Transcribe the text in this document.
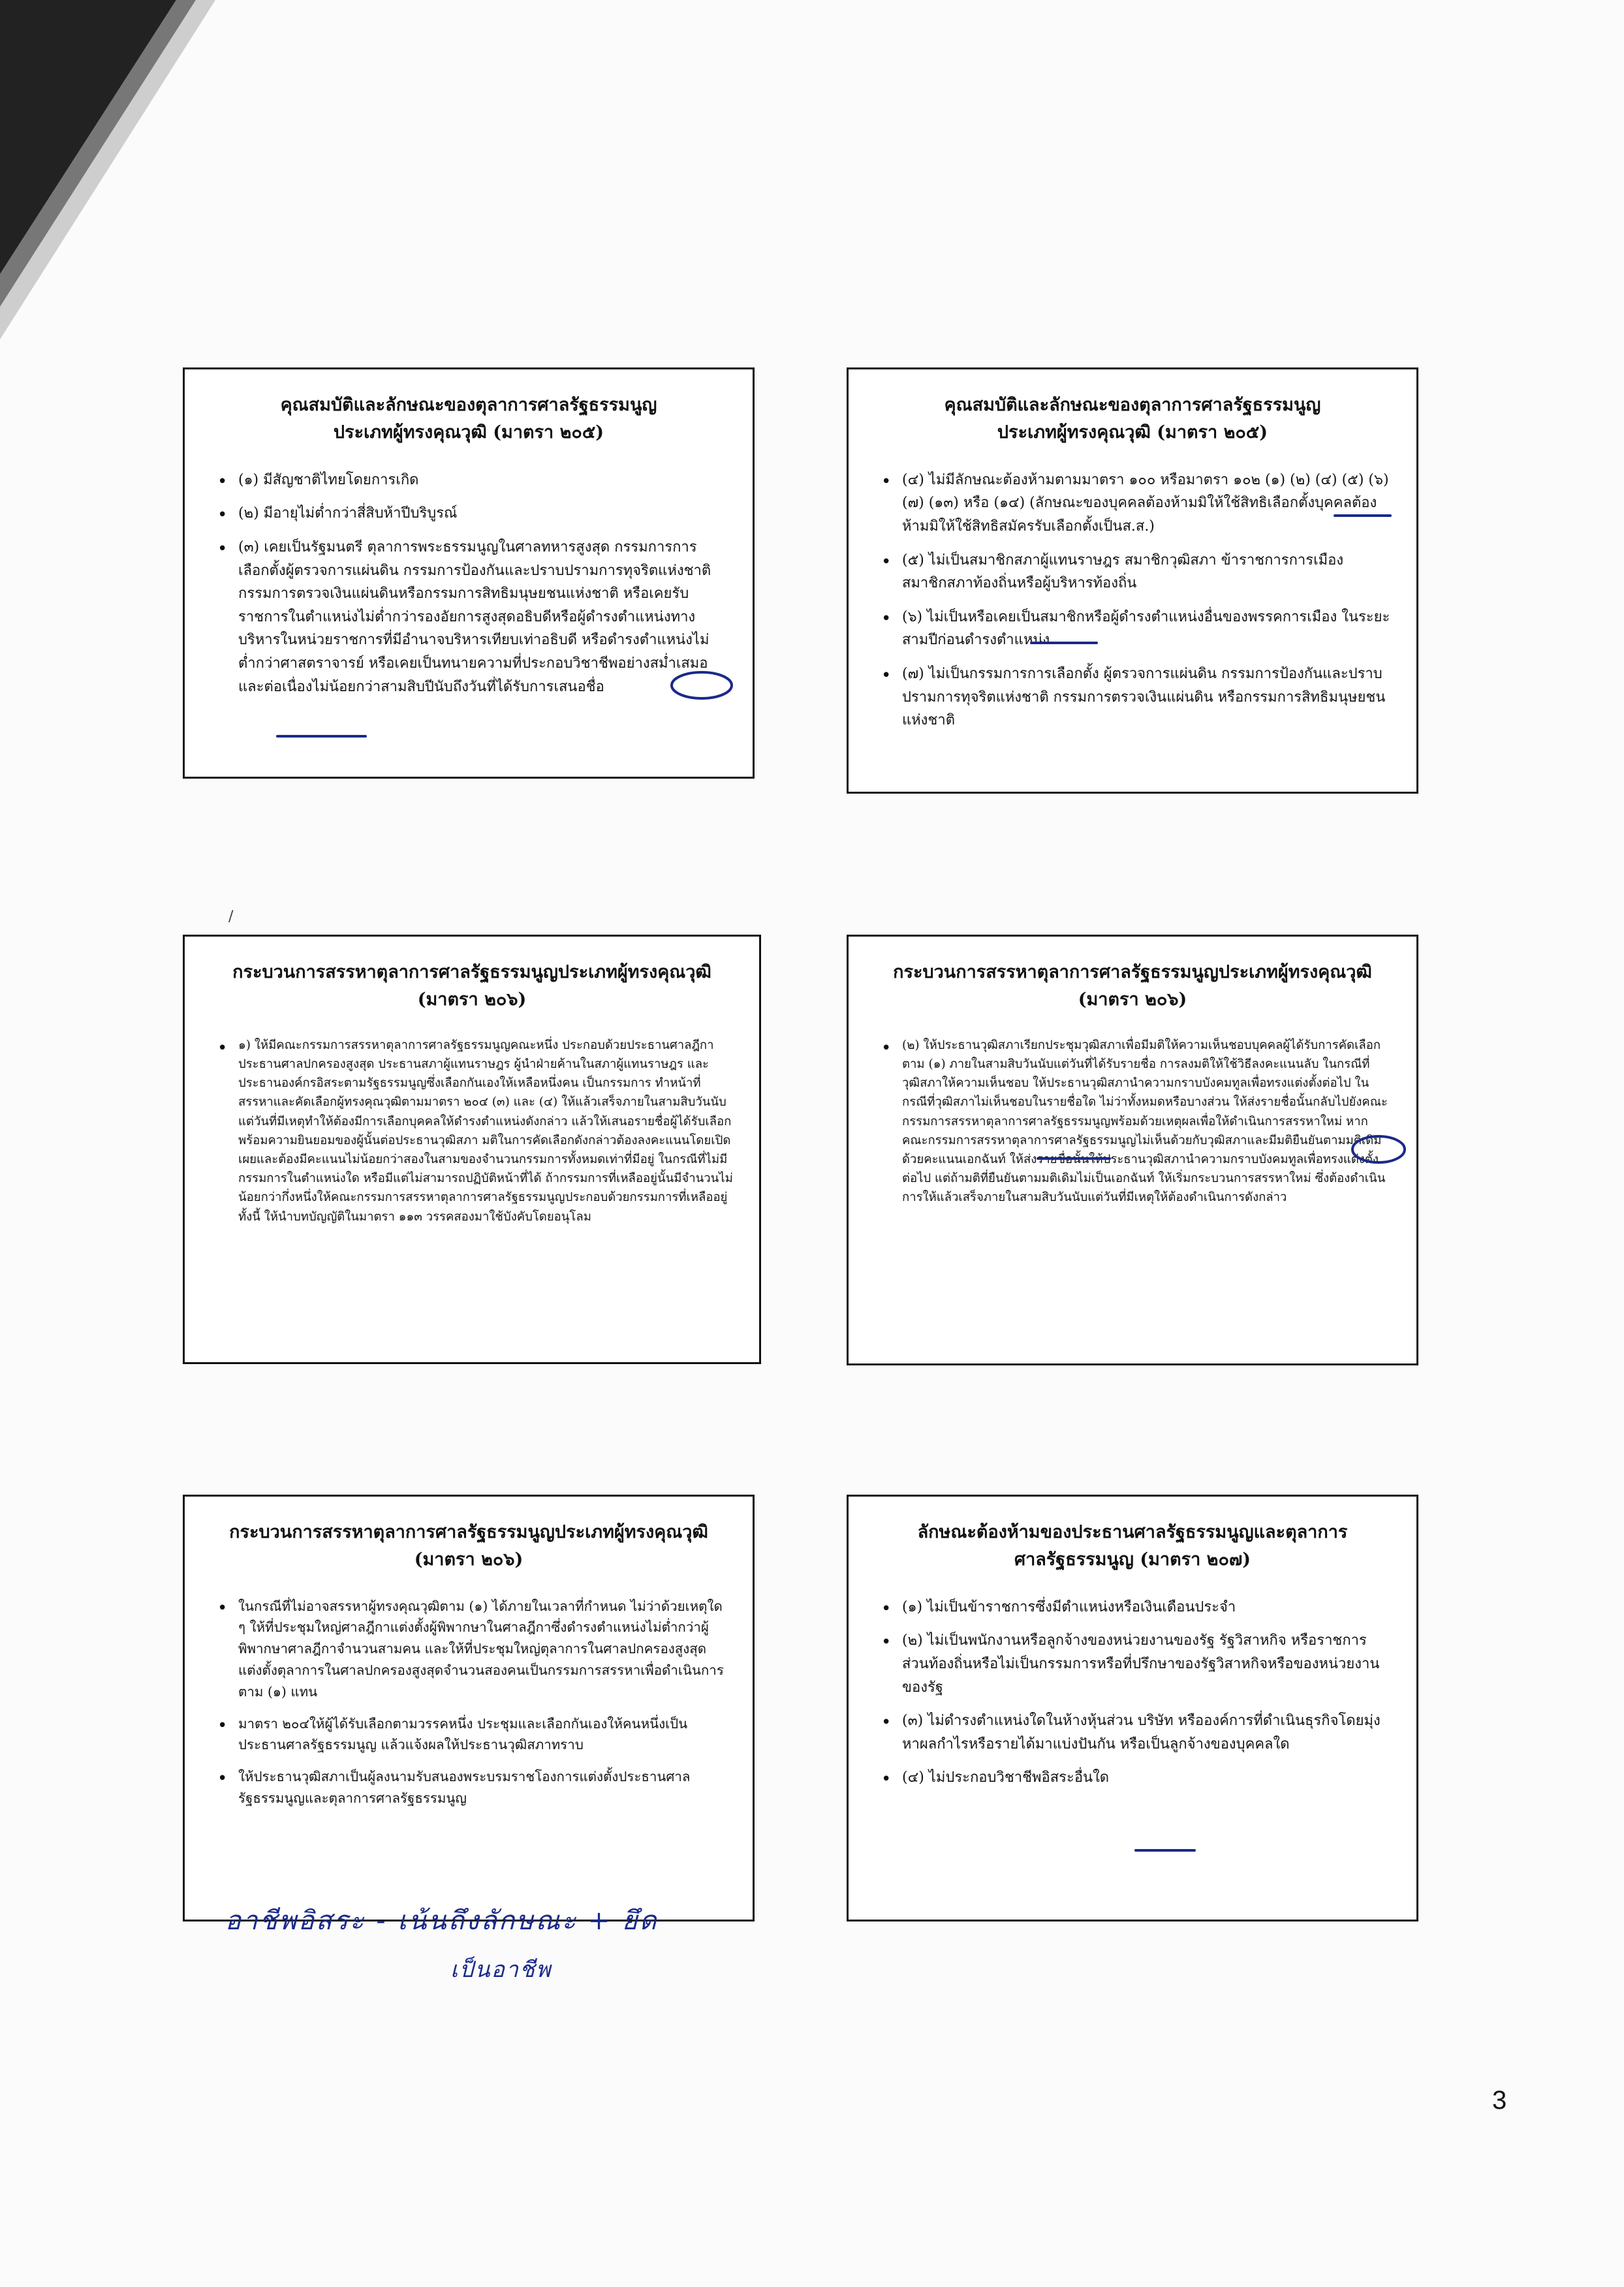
คุณสมบัติและลักษณะของตุลาการศาลรัฐธรรมนูญ
ประเภทผู้ทรงคุณวุฒิ (มาตรา ๒๐๕)
• (๑) มีสัญชาติไทยโดยการเกิด
• (๒) มีอายุไม่ต่ำกว่าสี่สิบห้าปีบริบูรณ์
• (๓) เคยเป็นรัฐมนตรี ตุลาการพระธรรมนูญในศาลทหารสูงสุด กรรมการการเลือกตั้งผู้ตรวจการแผ่นดิน กรรมการป้องกันและปราบปรามการทุจริตแห่งชาติ กรรมการตรวจเงินแผ่นดินหรือกรรมการสิทธิมนุษยชนแห่งชาติ หรือเคยรับราชการในตำแหน่งไม่ต่ำกว่ารองอัยการสูงสุดอธิบดีหรือผู้ดำรงตำแหน่งทางบริหารในหน่วยราชการที่มีอำนาจบริหารเทียบเท่าอธิบดี หรือดำรงตำแหน่งไม่ต่ำกว่าศาสตราจารย์ หรือเคยเป็นทนายความที่ประกอบวิชาชีพอย่างสม่ำเสมอและต่อเนื่องไม่น้อยกว่าสามสิบปีนับถึงวันที่ได้รับการเสนอชื่อ
คุณสมบัติและลักษณะของตุลาการศาลรัฐธรรมนูญ
ประเภทผู้ทรงคุณวุฒิ (มาตรา ๒๐๕)
• (๔) ไม่มีลักษณะต้องห้ามตามมาตรา ๑๐๐ หรือมาตรา ๑๐๒ (๑) (๒) (๔) (๕) (๖) (๗) (๑๓) หรือ (๑๔) (ลักษณะของบุคคลต้องห้ามมิให้ใช้สิทธิเลือกตั้งบุคคลต้องห้ามมิให้ใช้สิทธิสมัครรับเลือกตั้งเป็นส.ส.)
• (๕) ไม่เป็นสมาชิกสภาผู้แทนราษฎร สมาชิกวุฒิสภา ข้าราชการการเมือง สมาชิกสภาท้องถิ่นหรือผู้บริหารท้องถิ่น
• (๖) ไม่เป็นหรือเคยเป็นสมาชิกหรือผู้ดำรงตำแหน่งอื่นของพรรคการเมือง ในระยะสามปีก่อนดำรงตำแหน่ง
• (๗) ไม่เป็นกรรมการการเลือกตั้ง ผู้ตรวจการแผ่นดิน กรรมการป้องกันและปราบปรามการทุจริตแห่งชาติ กรรมการตรวจเงินแผ่นดิน หรือกรรมการสิทธิมนุษยชนแห่งชาติ
กระบวนการสรรหาตุลาการศาลรัฐธรรมนูญประเภทผู้ทรงคุณวุฒิ
(มาตรา ๒๐๖)
• ๑) ให้มีคณะกรรมการสรรหาตุลาการศาลรัฐธรรมนูญคณะหนึ่ง ประกอบด้วยประธานศาลฎีกา ประธานศาลปกครองสูงสุด ประธานสภาผู้แทนราษฎร ผู้นำฝ่ายค้านในสภาผู้แทนราษฎร และประธานองค์กรอิสระตามรัฐธรรมนูญซึ่งเลือกกันเองให้เหลือหนึ่งคน เป็นกรรมการ ทำหน้าที่สรรหาและคัดเลือกผู้ทรงคุณวุฒิตามมาตรา ๒๐๔ (๓) และ (๔) ให้แล้วเสร็จภายในสามสิบวันนับแต่วันที่มีเหตุทำให้ต้องมีการเลือกบุคคลให้ดำรงตำแหน่งดังกล่าว แล้วให้เสนอรายชื่อผู้ได้รับเลือกพร้อมความยินยอมของผู้นั้นต่อประธานวุฒิสภา มติในการคัดเลือกดังกล่าวต้องลงคะแนนโดยเปิดเผยและต้องมีคะแนนไม่น้อยกว่าสองในสามของจำนวนกรรมการทั้งหมดเท่าที่มีอยู่ ในกรณีที่ไม่มีกรรมการในตำแหน่งใด หรือมีแต่ไม่สามารถปฏิบัติหน้าที่ได้ ถ้ากรรมการที่เหลืออยู่นั้นมีจำนวนไม่น้อยกว่ากึ่งหนึ่งให้คณะกรรมการสรรหาตุลาการศาลรัฐธรรมนูญประกอบด้วยกรรมการที่เหลืออยู่ ทั้งนี้ ให้นำบทบัญญัติในมาตรา ๑๑๓ วรรคสองมาใช้บังคับโดยอนุโลม
กระบวนการสรรหาตุลาการศาลรัฐธรรมนูญประเภทผู้ทรงคุณวุฒิ
(มาตรา ๒๐๖)
• (๒) ให้ประธานวุฒิสภาเรียกประชุมวุฒิสภาเพื่อมีมติให้ความเห็นชอบบุคคลผู้ได้รับการคัดเลือกตาม (๑) ภายในสามสิบวันนับแต่วันที่ได้รับรายชื่อ การลงมติให้ใช้วิธีลงคะแนนลับ ในกรณีที่วุฒิสภาให้ความเห็นชอบ ให้ประธานวุฒิสภานำความกราบบังคมทูลเพื่อทรงแต่งตั้งต่อไป ในกรณีที่วุฒิสภาไม่เห็นชอบในรายชื่อใด ไม่ว่าทั้งหมดหรือบางส่วน ให้ส่งรายชื่อนั้นกลับไปยังคณะกรรมการสรรหาตุลาการศาลรัฐธรรมนูญพร้อมด้วยเหตุผลเพื่อให้ดำเนินการสรรหาใหม่ หากคณะกรรมการสรรหาตุลาการศาลรัฐธรรมนูญไม่เห็นด้วยกับวุฒิสภาและมีมติยืนยันตามมติเดิมด้วยคะแนนเอกฉันท์ ให้ส่งรายชื่อนั้นให้ประธานวุฒิสภานำความกราบบังคมทูลเพื่อทรงแต่งตั้งต่อไป แต่ถ้ามติที่ยืนยันตามมติเดิมไม่เป็นเอกฉันท์ ให้เริ่มกระบวนการสรรหาใหม่ ซึ่งต้องดำเนินการให้แล้วเสร็จภายในสามสิบวันนับแต่วันที่มีเหตุให้ต้องดำเนินการดังกล่าว
กระบวนการสรรหาตุลาการศาลรัฐธรรมนูญประเภทผู้ทรงคุณวุฒิ
(มาตรา ๒๐๖)
• ในกรณีที่ไม่อาจสรรหาผู้ทรงคุณวุฒิตาม (๑) ได้ภายในเวลาที่กำหนด ไม่ว่าด้วยเหตุใด ๆ ให้ที่ประชุมใหญ่ศาลฎีกาแต่งตั้งผู้พิพากษาในศาลฎีกาซึ่งดำรงตำแหน่งไม่ต่ำกว่าผู้พิพากษาศาลฎีกาจำนวนสามคน และให้ที่ประชุมใหญ่ตุลาการในศาลปกครองสูงสุดแต่งตั้งตุลาการในศาลปกครองสูงสุดจำนวนสองคนเป็นกรรมการสรรหาเพื่อดำเนินการตาม (๑) แทน
• มาตรา ๒๐๔ให้ผู้ได้รับเลือกตามวรรคหนึ่ง ประชุมและเลือกกันเองให้คนหนึ่งเป็นประธานศาลรัฐธรรมนูญ แล้วแจ้งผลให้ประธานวุฒิสภาทราบ
• ให้ประธานวุฒิสภาเป็นผู้ลงนามรับสนองพระบรมราชโองการแต่งตั้งประธานศาลรัฐธรรมนูญและตุลาการศาลรัฐธรรมนูญ
ลักษณะต้องห้ามของประธานศาลรัฐธรรมนูญและตุลาการ
ศาลรัฐธรรมนูญ (มาตรา ๒๐๗)
• (๑) ไม่เป็นข้าราชการซึ่งมีตำแหน่งหรือเงินเดือนประจำ
• (๒) ไม่เป็นพนักงานหรือลูกจ้างของหน่วยงานของรัฐ รัฐวิสาหกิจ หรือราชการส่วนท้องถิ่นหรือไม่เป็นกรรมการหรือที่ปรึกษาของรัฐวิสาหกิจหรือของหน่วยงานของรัฐ
• (๓) ไม่ดำรงตำแหน่งใดในห้างหุ้นส่วน บริษัท หรือองค์การที่ดำเนินธุรกิจโดยมุ่งหาผลกำไรหรือรายได้มาแบ่งปันกัน หรือเป็นลูกจ้างของบุคคลใด
• (๔) ไม่ประกอบวิชาชีพอิสระอื่นใด
/
อาชีพอิสระ - เน้นถึงลักษณะ + ยึด
เป็นอาชีพ
3
